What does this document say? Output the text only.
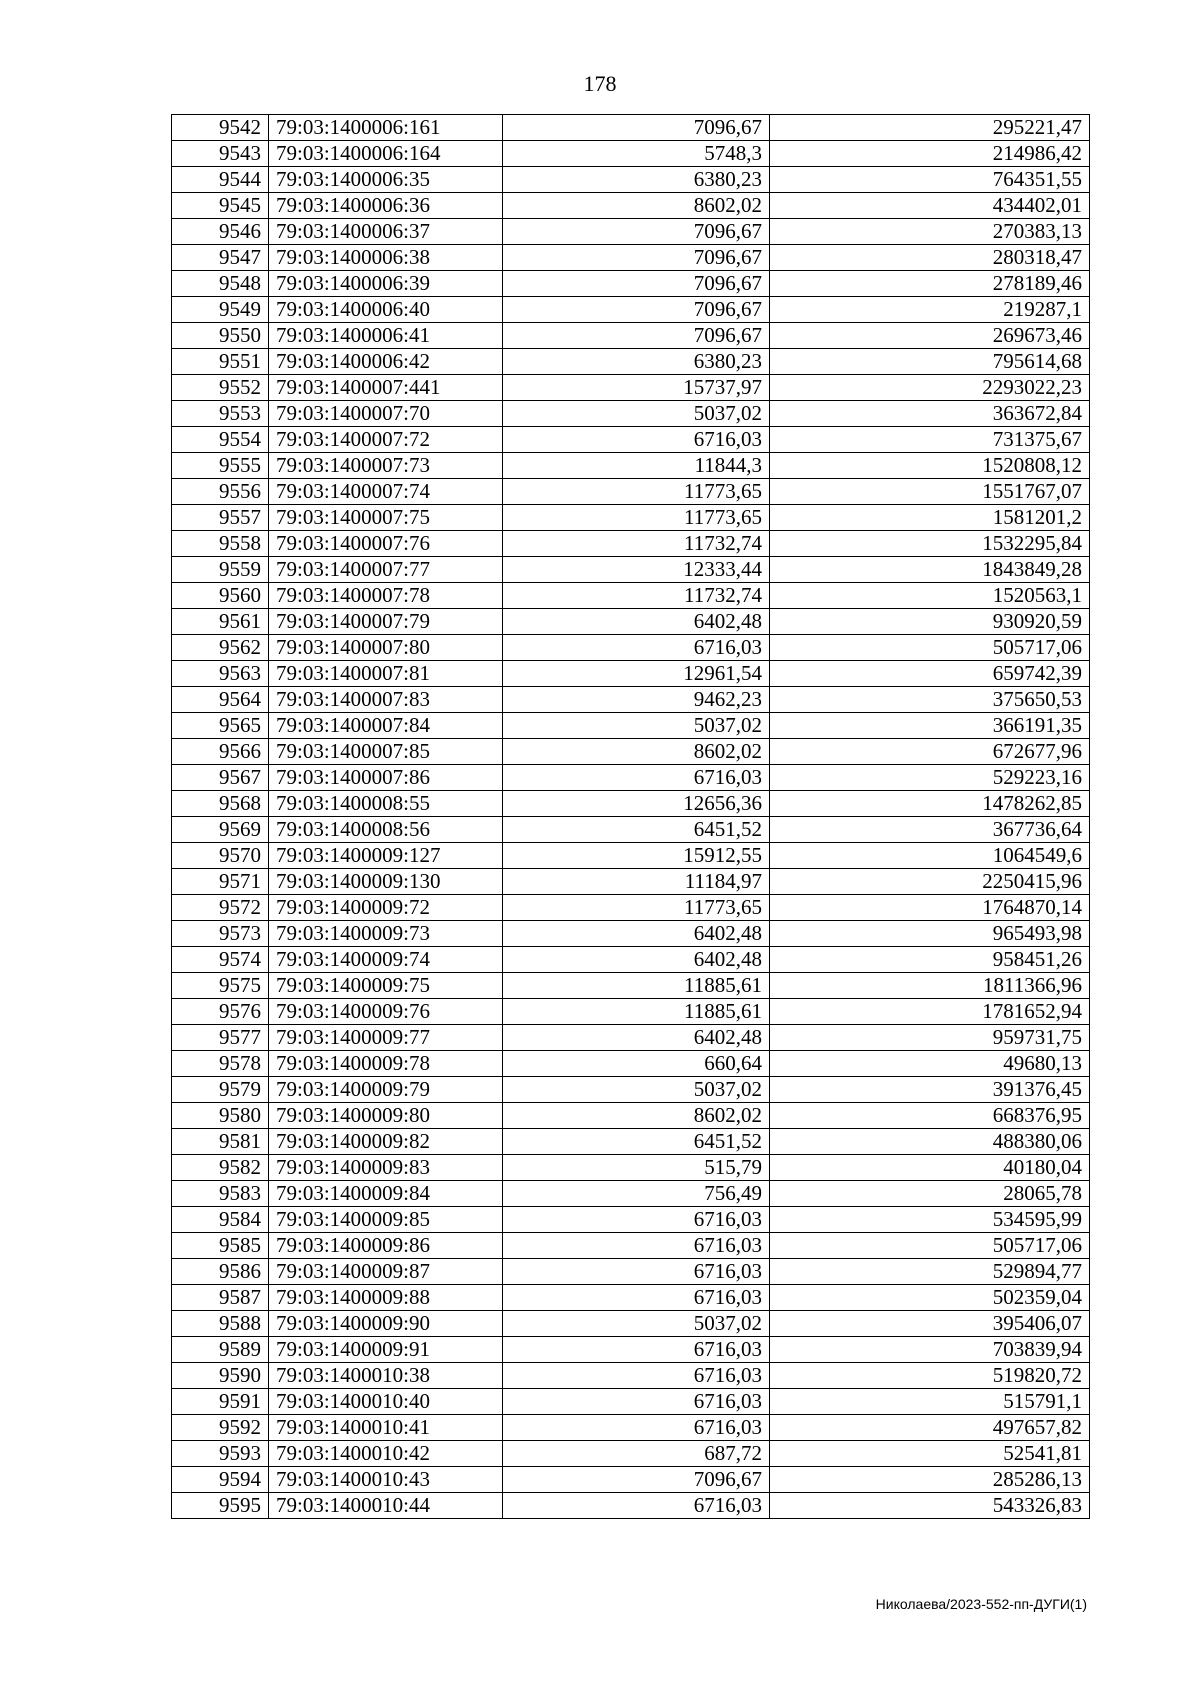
178
9542	79:03:1400006:161	7096,67	295221,47
9543	79:03:1400006:164	5748,3	214986,42
9544	79:03:1400006:35	6380,23	764351,55
9545	79:03:1400006:36	8602,02	434402,01
9546	79:03:1400006:37	7096,67	270383,13
9547	79:03:1400006:38	7096,67	280318,47
9548	79:03:1400006:39	7096,67	278189,46
9549	79:03:1400006:40	7096,67	219287,1
9550	79:03:1400006:41	7096,67	269673,46
9551	79:03:1400006:42	6380,23	795614,68
9552	79:03:1400007:441	15737,97	2293022,23
9553	79:03:1400007:70	5037,02	363672,84
9554	79:03:1400007:72	6716,03	731375,67
9555	79:03:1400007:73	11844,3	1520808,12
9556	79:03:1400007:74	11773,65	1551767,07
9557	79:03:1400007:75	11773,65	1581201,2
9558	79:03:1400007:76	11732,74	1532295,84
9559	79:03:1400007:77	12333,44	1843849,28
9560	79:03:1400007:78	11732,74	1520563,1
9561	79:03:1400007:79	6402,48	930920,59
9562	79:03:1400007:80	6716,03	505717,06
9563	79:03:1400007:81	12961,54	659742,39
9564	79:03:1400007:83	9462,23	375650,53
9565	79:03:1400007:84	5037,02	366191,35
9566	79:03:1400007:85	8602,02	672677,96
9567	79:03:1400007:86	6716,03	529223,16
9568	79:03:1400008:55	12656,36	1478262,85
9569	79:03:1400008:56	6451,52	367736,64
9570	79:03:1400009:127	15912,55	1064549,6
9571	79:03:1400009:130	11184,97	2250415,96
9572	79:03:1400009:72	11773,65	1764870,14
9573	79:03:1400009:73	6402,48	965493,98
9574	79:03:1400009:74	6402,48	958451,26
9575	79:03:1400009:75	11885,61	1811366,96
9576	79:03:1400009:76	11885,61	1781652,94
9577	79:03:1400009:77	6402,48	959731,75
9578	79:03:1400009:78	660,64	49680,13
9579	79:03:1400009:79	5037,02	391376,45
9580	79:03:1400009:80	8602,02	668376,95
9581	79:03:1400009:82	6451,52	488380,06
9582	79:03:1400009:83	515,79	40180,04
9583	79:03:1400009:84	756,49	28065,78
9584	79:03:1400009:85	6716,03	534595,99
9585	79:03:1400009:86	6716,03	505717,06
9586	79:03:1400009:87	6716,03	529894,77
9587	79:03:1400009:88	6716,03	502359,04
9588	79:03:1400009:90	5037,02	395406,07
9589	79:03:1400009:91	6716,03	703839,94
9590	79:03:1400010:38	6716,03	519820,72
9591	79:03:1400010:40	6716,03	515791,1
9592	79:03:1400010:41	6716,03	497657,82
9593	79:03:1400010:42	687,72	52541,81
9594	79:03:1400010:43	7096,67	285286,13
9595	79:03:1400010:44	6716,03	543326,83
Николаева/2023-552-пп-ДУГИ(1)
